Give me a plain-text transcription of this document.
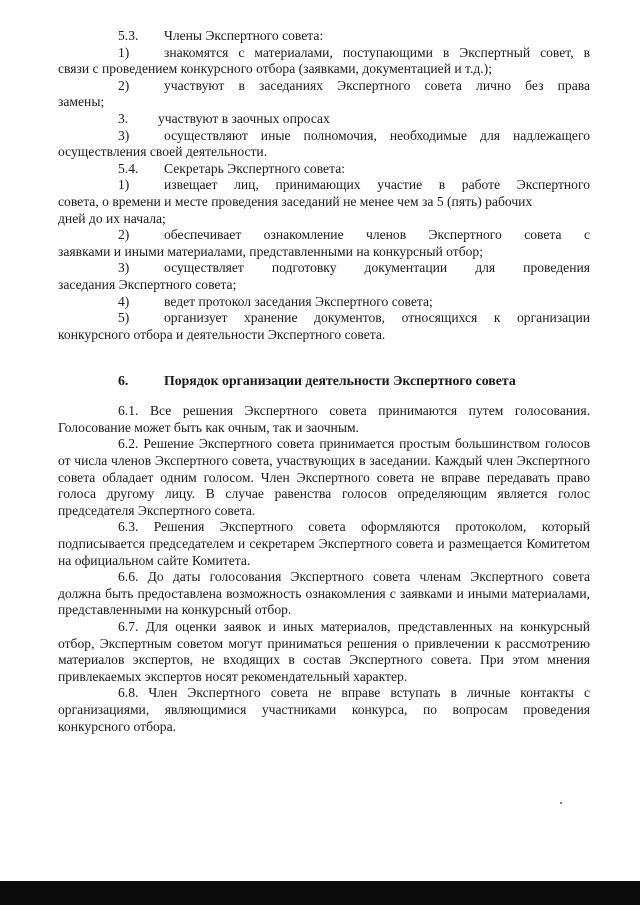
5.3. Члены Экспертного совета:
1)	знакомятся с материалами, поступающими в Экспертный совет, в
связи с проведением конкурсного отбора (заявками, документацией и т.д.);
2)	участвуют в заседаниях Экспертного совета лично без права
замены;
3. участвуют в заочных опросах
3)	осуществляют иные полномочия, необходимые для надлежащего
осуществления своей деятельности.
5.4. Секретарь Экспертного совета:
1)	извещает лиц, принимающих участие в работе Экспертного
совета, о времени и месте проведения заседаний не менее чем за 5 (пять) рабочих
дней до их начала;
2)	обеспечивает ознакомление членов Экспертного совета с
заявками и иными материалами, представленными на конкурсный отбор;
3)	осуществляет подготовку документации для проведения
заседания Экспертного совета;
4)	ведет протокол заседания Экспертного совета;
5)	организует хранение документов, относящихся к организации
конкурсного отбора и деятельности Экспертного совета.
6.	Порядок организации деятельности Экспертного совета

6.1. Все решения Экспертного совета принимаются путем голосования. Голосование может быть как очным, так и заочным.

6.2. Решение Экспертного совета принимается простым большинством голосов от числа членов Экспертного совета, участвующих в заседании. Каждый член Экспертного совета обладает одним голосом. Член Экспертного совета не вправе передавать право голоса другому лицу. В случае равенства голосов определяющим является голос председателя Экспертного совета.

6.3. Решения Экспертного совета оформляются протоколом, который подписывается председателем и секретарем Экспертного совета и размещается Комитетом на официальном сайте Комитета.

6.6. До даты голосования Экспертного совета членам Экспертного совета должна быть предоставлена возможность ознакомления с заявками и иными материалами, представленными на конкурсный отбор.

6.7. Для оценки заявок и иных материалов, представленных на конкурсный отбор, Экспертным советом могут приниматься решения о привлечении к рассмотрению материалов экспертов, не входящих в состав Экспертного совета. При этом мнения привлекаемых экспертов носят рекомендательный характер.

6.8. Член Экспертного совета не вправе вступать в личные контакты с организациями, являющимися участниками конкурса, по вопросам проведения конкурсного отбора.
